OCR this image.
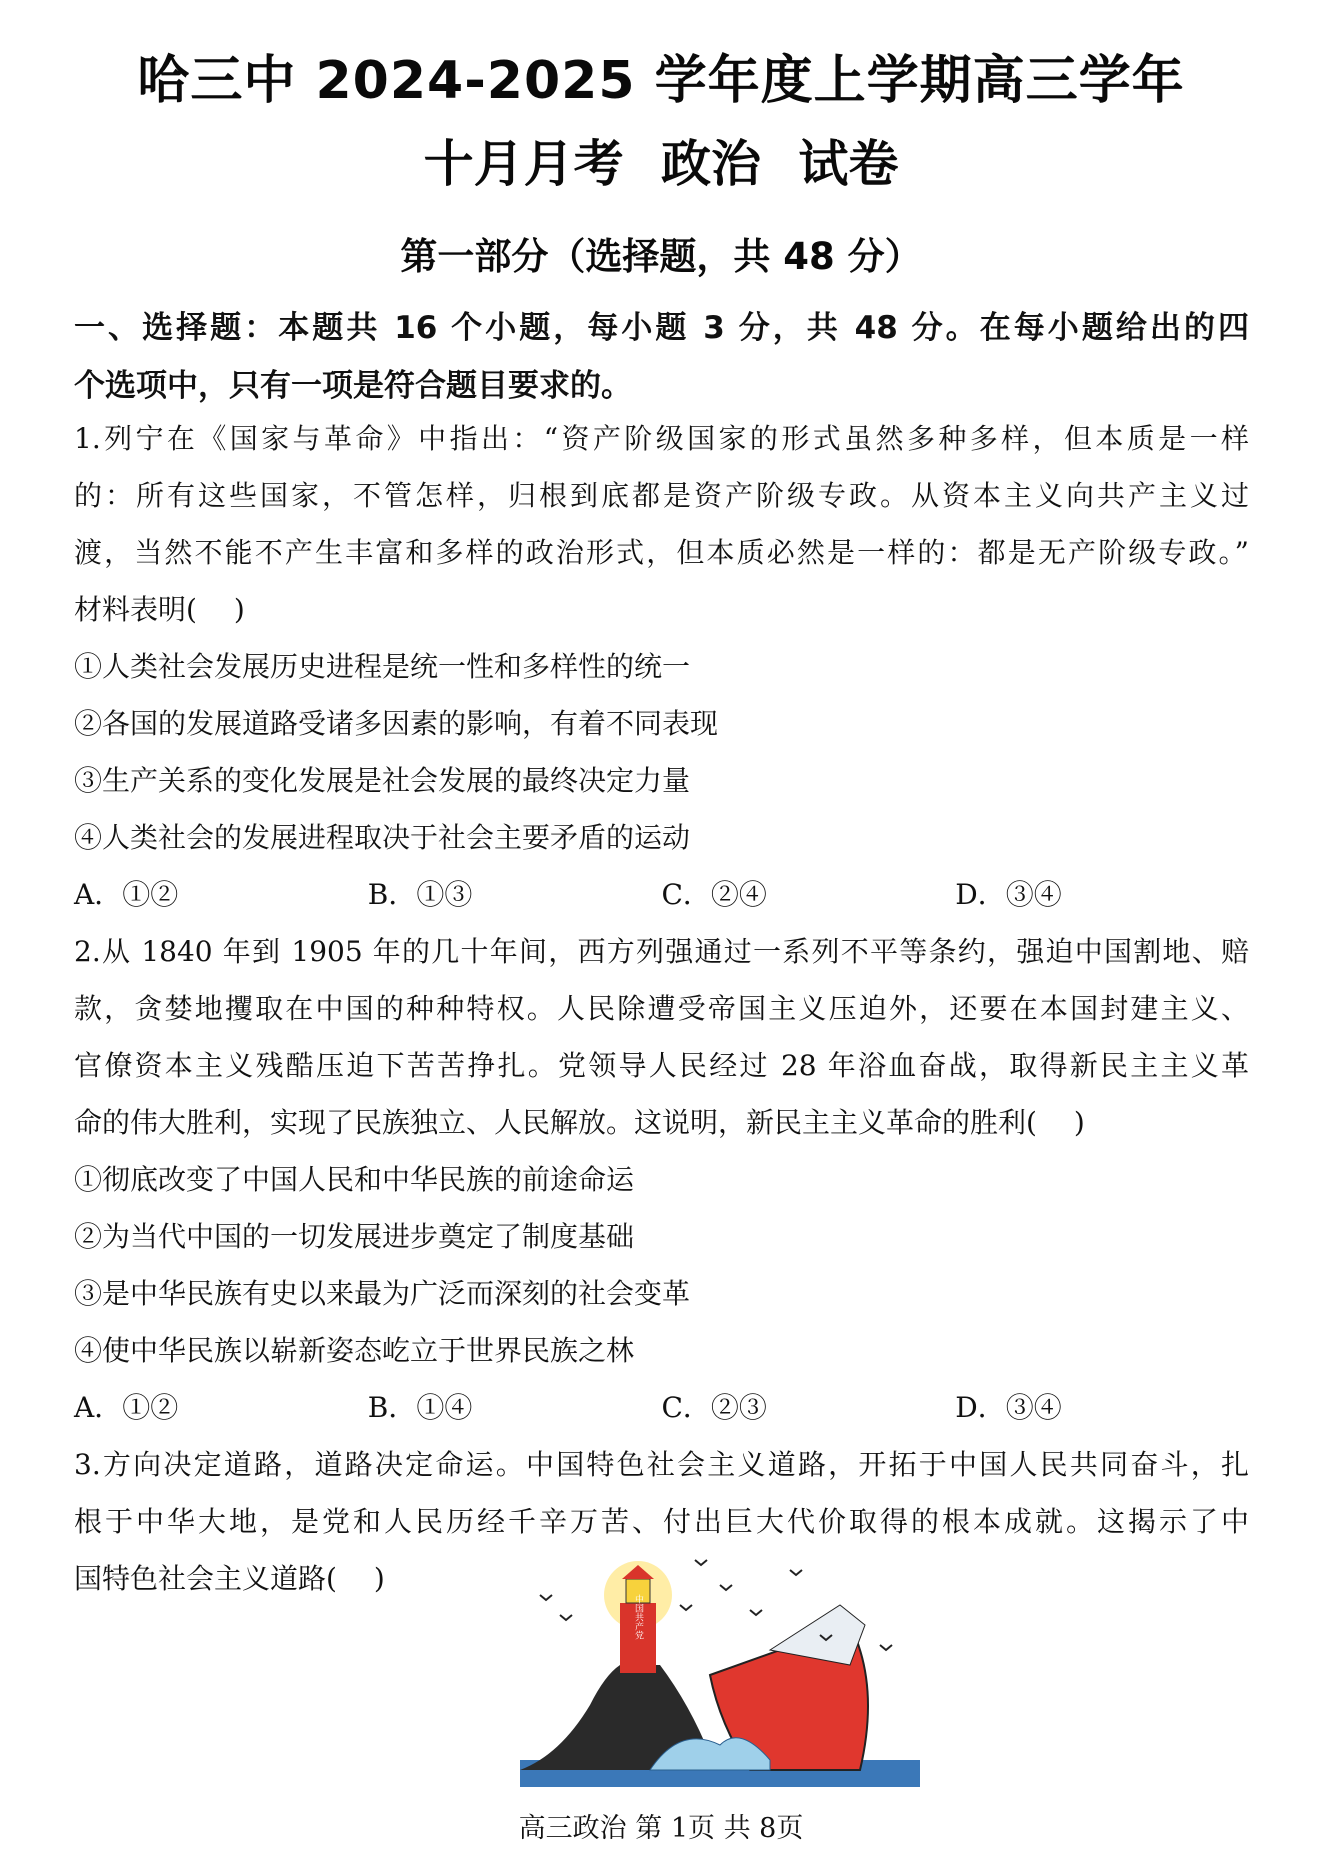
哈三中 2024-2025 学年度上学期高三学年
十月月考 政治 试卷
第一部分（选择题，共 48 分）
一、选择题：本题共 16 个小题，每小题 3 分，共 48 分。在每小题给出的四
个选项中，只有一项是符合题目要求的。
1.列宁在《国家与革命》中指出：“资产阶级国家的形式虽然多种多样，但本质是一样
的：所有这些国家，不管怎样，归根到底都是资产阶级专政。从资本主义向共产主义过
渡，当然不能不产生丰富和多样的政治形式，但本质必然是一样的：都是无产阶级专政。”
材料表明(　 )
①人类社会发展历史进程是统一性和多样性的统一
②各国的发展道路受诸多因素的影响，有着不同表现
③生产关系的变化发展是社会发展的最终决定力量
④人类社会的发展进程取决于社会主要矛盾的运动
A．①②	B．①③	C．②④	D．③④
2.从 1840 年到 1905 年的几十年间，西方列强通过一系列不平等条约，强迫中国割地、赔
款，贪婪地攫取在中国的种种特权。人民除遭受帝国主义压迫外，还要在本国封建主义、
官僚资本主义残酷压迫下苦苦挣扎。党领导人民经过 28 年浴血奋战，取得新民主主义革
命的伟大胜利，实现了民族独立、人民解放。这说明，新民主主义革命的胜利(　 )
①彻底改变了中国人民和中华民族的前途命运
②为当代中国的一切发展进步奠定了制度基础
③是中华民族有史以来最为广泛而深刻的社会变革
④使中华民族以崭新姿态屹立于世界民族之林
A．①②	B．①④	C．②③	D．③④
3.方向决定道路，道路决定命运。中国特色社会主义道路，开拓于中国人民共同奋斗，扎
根于中华大地，是党和人民历经千辛万苦、付出巨大代价取得的根本成就。这揭示了中
国特色社会主义道路(　 )
中国共产党
高三政治 第 1页 共 8页
